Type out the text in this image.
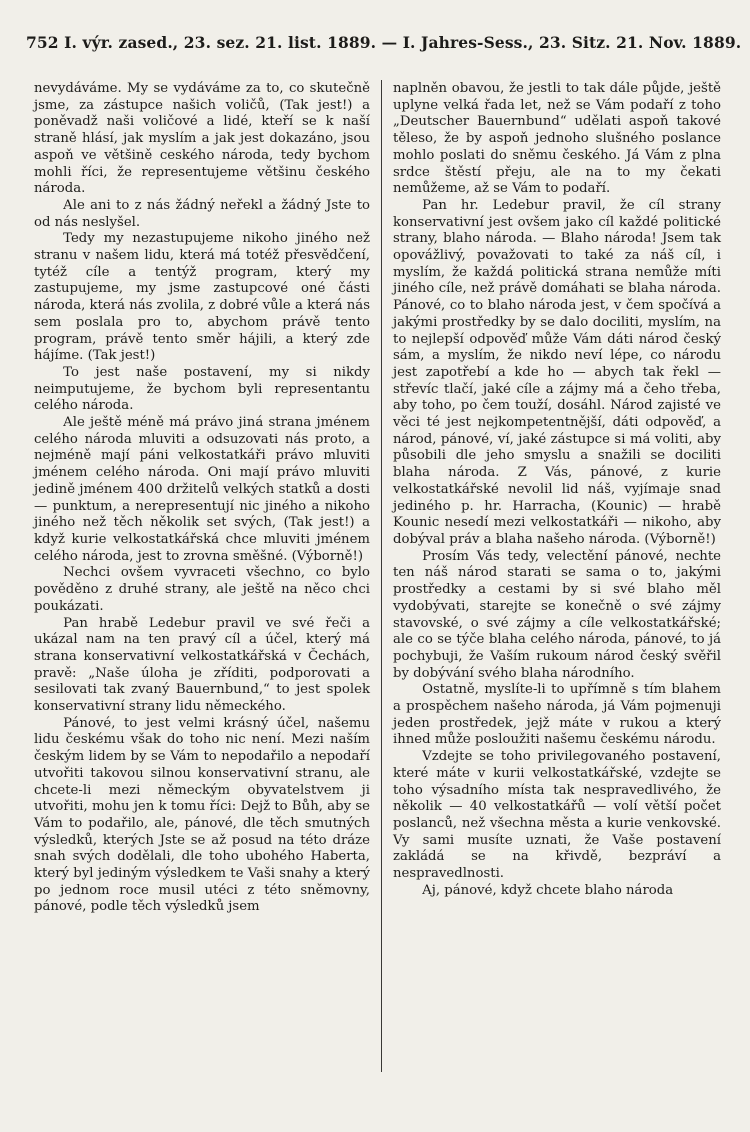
752 I. výr. zased., 23. sez. 21. list. 1889. — I. Jahres-Sess., 23. Sitz. 21. Nov. 1889.

nevydáváme. My se vydáváme za to, co skutečně jsme, za zástupce našich voličů, (Tak jest!) a poněvadž naši voličové a lidé, kteří se k naší straně hlásí, jak myslím a jak jest dokazáno, jsou aspoň ve většině ceského národa, tedy bychom mohli říci, že representujeme většinu českého národa.

Ale ani to z nás žádný neřekl a žádný Jste to od nás neslyšel.

Tedy my nezastupujeme nikoho jiného než stranu v našem lidu, která má totéž přesvědčení, tytéž cíle a tentýž program, který my zastupujeme, my jsme zastupcové oné části národa, která nás zvolila, z dobré vůle a která nás sem poslala pro to, abychom právě tento program, právě tento směr hájili, a který zde hájíme. (Tak jest!)

To jest naše postavení, my si nikdy neimputujeme, že bychom byli representantu celého národa.

Ale ještě méně má právo jiná strana jménem celého národa mluviti a odsuzovati nás proto, a nejméně mají páni velkostatkáři právo mluviti jménem celého národa. Oni mají právo mluviti jedině jménem 400 držitelů velkých statků a dosti — punktum, a nerepresentují nic jiného a nikoho jiného než těch několik set svých, (Tak jest!) a když kurie velkostatkářská chce mluviti jménem celého národa, jest to zrovna směšné. (Výborně!)

Nechci ovšem vyvraceti všechno, co bylo pověděno z druhé strany, ale ještě na něco chci poukázati.

Pan hrabě Ledebur pravil ve své řeči a ukázal nam na ten pravý cíl a účel, který má strana konservativní velkostatkářská v Čechách, pravě: „Naše úloha je zříditi, podporovati a sesilovati tak zvaný Bauernbund,“ to jest spolek konservativní strany lidu německého.

Pánové, to jest velmi krásný účel, našemu lidu českému však do toho nic není. Mezi naším českým lidem by se Vám to nepodařilo a nepodaří utvořiti takovou silnou konservativní stranu, ale chcete-li mezi německým obyvatelstvem ji utvořiti, mohu jen k tomu říci: Dejž to Bůh, aby se Vám to podařilo, ale, pánové, dle těch smutných výsledků, kterých Jste se až posud na této dráze snah svých dodělali, dle toho ubohého Haberta, který byl jediným výsledkem te Vaši snahy a který po jednom roce musil utéci z této sněmovny, pánové, podle těch výsledků jsem

naplněn obavou, že jestli to tak dále půjde, ještě uplyne velká řada let, než se Vám podaří z toho „Deutscher Bauernbund“ udělati aspoň takové těleso, že by aspoň jednoho slušného poslance mohlo poslati do sněmu českého. Já Vám z plna srdce štěstí přeju, ale na to my čekati nemůžeme, až se Vám to podaří.

Pan hr. Ledebur pravil, že cíl strany konservativní jest ovšem jako cíl každé politické strany, blaho národa. — Blaho národa! Jsem tak opovážlivý, považovati to také za náš cíl, i myslím, že každá politická strana nemůže míti jiného cíle, než právě domáhati se blaha národa. Pánové, co to blaho národa jest, v čem spočívá a jakými prostředky by se dalo dociliti, myslím, na to nejlepší odpověď může Vám dáti národ český sám, a myslím, že nikdo neví lépe, co národu jest zapotřebí a kde ho — abych tak řekl — střevíc tlačí, jaké cíle a zájmy má a čeho třeba, aby toho, po čem touží, dosáhl. Národ zajisté ve věci té jest nejkompetentnější, dáti odpověď, a národ, pánové, ví, jaké zástupce si má voliti, aby působili dle jeho smyslu a snažili se dociliti blaha národa. Z Vás, pánové, z kurie velkostatkářské nevolil lid náš, vyjímaje snad jediného p. hr. Harracha, (Kounic) — hrabě Kounic nesedí mezi velkostatkáři — nikoho, aby dobýval práv a blaha našeho národa. (Výborně!)

Prosím Vás tedy, velectění pánové, nechte ten náš národ starati se sama o to, jakými prostředky a cestami by si své blaho měl vydobývati, starejte se konečně o své zájmy stavovské, o své zájmy a cíle velkostatkářské; ale co se týče blaha celého národa, pánové, to já pochybuji, že Vaším rukoum národ český svěřil by dobývání svého blaha národního.

Ostatně, myslíte-li to upřímně s tím blahem a prospěchem našeho národa, já Vám pojmenuji jeden prostředek, jejž máte v rukou a který ihned může posloužiti našemu českému národu.

Vzdejte se toho privilegovaného postavení, které máte v kurii velkostatkářské, vzdejte se toho výsadního místa tak nespravedlivého, že několik — 40 velkostatkářů — volí větší počet poslanců, než všechna města a kurie venkovské. Vy sami musíte uznati, že Vaše postavení zakládá se na křivdě, bezpráví a nespravedlnosti.

Aj, pánové, když chcete blaho národa
